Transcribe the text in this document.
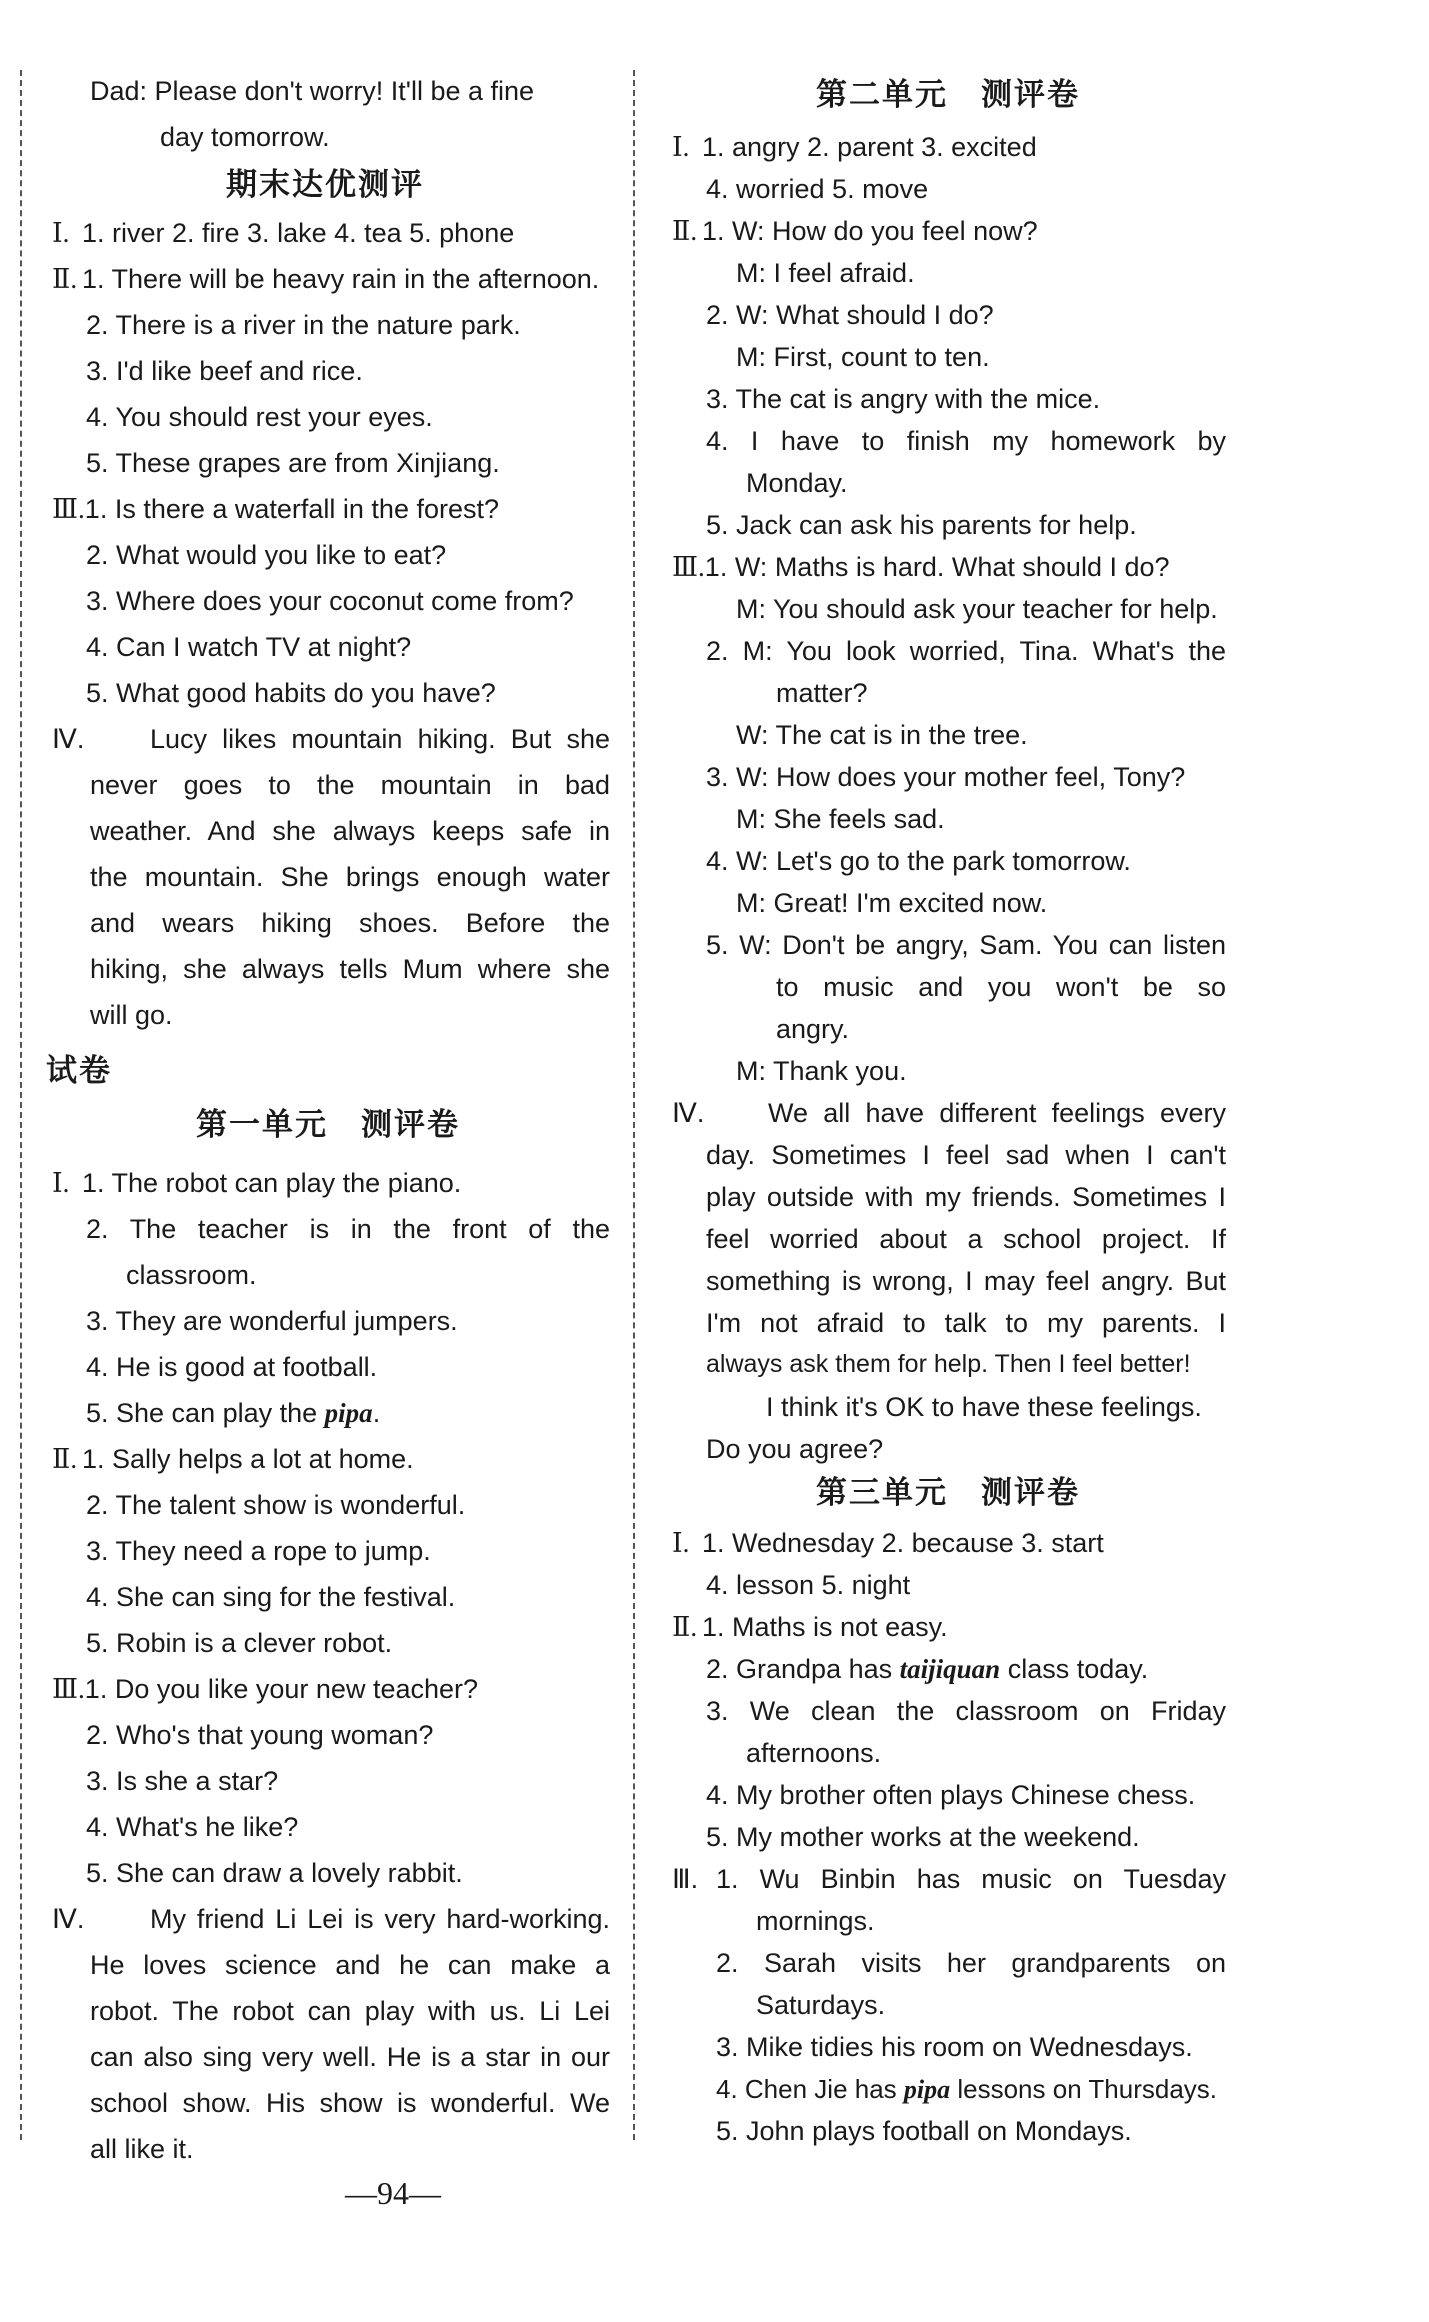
Dad: Please don't worry! It'll be a fine
day tomorrow.
期末达优测评
Ⅰ. 1. river 2. fire 3. lake 4. tea 5. phone
Ⅱ. 1. There will be heavy rain in the afternoon.
2. There is a river in the nature park.
3. I'd like beef and rice.
4. You should rest your eyes.
5. These grapes are from Xinjiang.
Ⅲ.1. Is there a waterfall in the forest?
2. What would you like to eat?
3. Where does your coconut come from?
4. Can I watch TV at night?
5. What good habits do you have?
Ⅳ. Lucy likes mountain hiking. But she
never goes to the mountain in bad
weather. And she always keeps safe in
the mountain. She brings enough water
and wears hiking shoes. Before the
hiking, she always tells Mum where she
will go.
试卷
第一单元　测评卷
Ⅰ. 1. The robot can play the piano.
2. The teacher is in the front of the
classroom.
3. They are wonderful jumpers.
4. He is good at football.
5. She can play the pipa.
Ⅱ. 1. Sally helps a lot at home.
2. The talent show is wonderful.
3. They need a rope to jump.
4. She can sing for the festival.
5. Robin is a clever robot.
Ⅲ.1. Do you like your new teacher?
2. Who's that young woman?
3. Is she a star?
4. What's he like?
5. She can draw a lovely rabbit.
Ⅳ. My friend Li Lei is very hard-working.
He loves science and he can make a
robot. The robot can play with us. Li Lei
can also sing very well. He is a star in our
school show. His show is wonderful. We
all like it.
第二单元　测评卷
Ⅰ. 1. angry 2. parent 3. excited
4. worried 5. move
Ⅱ. 1. W: How do you feel now?
M: I feel afraid.
2. W: What should I do?
M: First, count to ten.
3. The cat is angry with the mice.
4. I have to finish my homework by
Monday.
5. Jack can ask his parents for help.
Ⅲ.1. W: Maths is hard. What should I do?
M: You should ask your teacher for help.
2. M: You look worried, Tina. What's the
matter?
W: The cat is in the tree.
3. W: How does your mother feel, Tony?
M: She feels sad.
4. W: Let's go to the park tomorrow.
M: Great! I'm excited now.
5. W: Don't be angry, Sam. You can listen
to music and you won't be so
angry.
M: Thank you.
Ⅳ. We all have different feelings every
day. Sometimes I feel sad when I can't
play outside with my friends. Sometimes I
feel worried about a school project. If
something is wrong, I may feel angry. But
I'm not afraid to talk to my parents. I
always ask them for help. Then I feel better!
I think it's OK to have these feelings.
Do you agree?
第三单元　测评卷
Ⅰ. 1. Wednesday 2. because 3. start
4. lesson 5. night
Ⅱ. 1. Maths is not easy.
2. Grandpa has taijiquan class today.
3. We clean the classroom on Friday
afternoons.
4. My brother often plays Chinese chess.
5. My mother works at the weekend.
Ⅲ. 1. Wu Binbin has music on Tuesday
mornings.
2. Sarah visits her grandparents on
Saturdays.
3. Mike tidies his room on Wednesdays.
4. Chen Jie has pipa lessons on Thursdays.
5. John plays football on Mondays.
—94—
